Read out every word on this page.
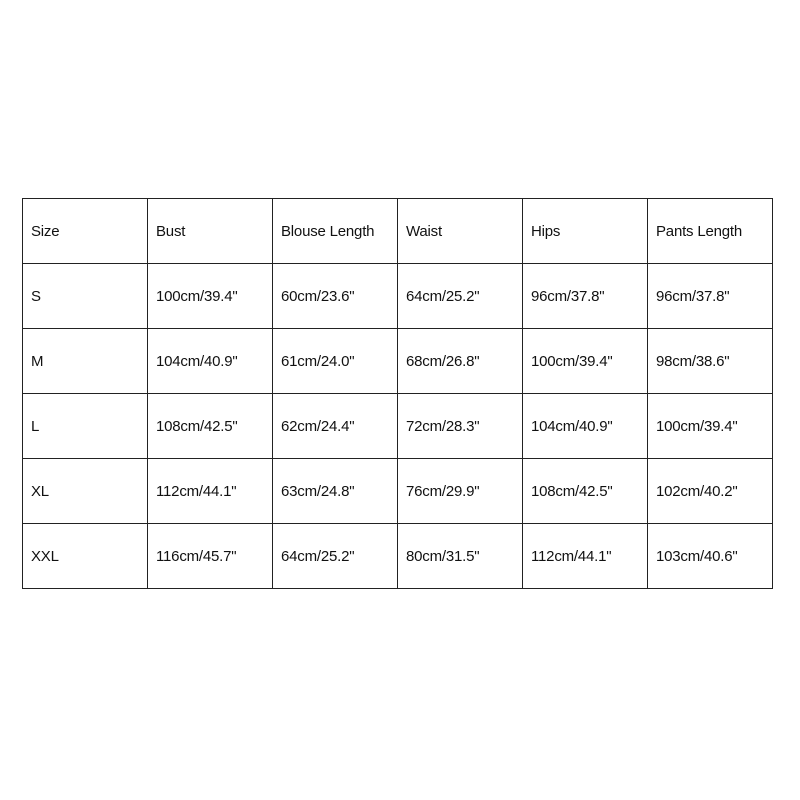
Size	Bust	Blouse Length	Waist	Hips	Pants Length
S	100cm/39.4"	60cm/23.6"	64cm/25.2"	96cm/37.8"	96cm/37.8"
M	104cm/40.9"	61cm/24.0"	68cm/26.8"	100cm/39.4"	98cm/38.6"
L	108cm/42.5"	62cm/24.4"	72cm/28.3"	104cm/40.9"	100cm/39.4"
XL	112cm/44.1"	63cm/24.8"	76cm/29.9"	108cm/42.5"	102cm/40.2"
XXL	116cm/45.7"	64cm/25.2"	80cm/31.5"	112cm/44.1"	103cm/40.6"
